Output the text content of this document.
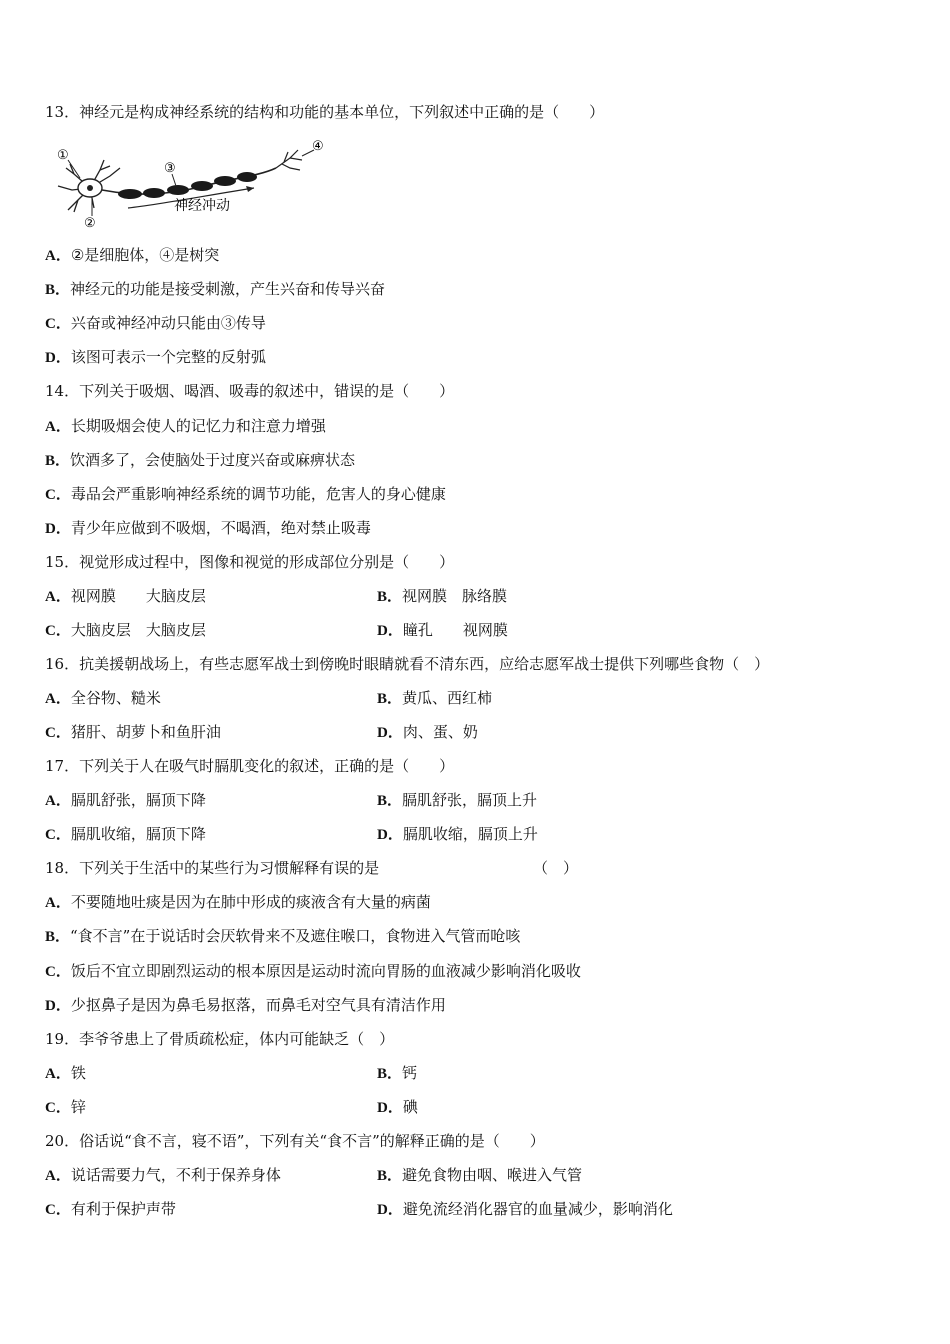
13．神经元是构成神经系统的结构和功能的基本单位，下列叙述中正确的是（　　）
①
②
③
④
神经冲动
A．②是细胞体，④是树突
B．神经元的功能是接受刺激，产生兴奋和传导兴奋
C．兴奋或神经冲动只能由③传导
D．该图可表示一个完整的反射弧
14．下列关于吸烟、喝酒、吸毒的叙述中，错误的是（　　）
A．长期吸烟会使人的记忆力和注意力增强
B．饮酒多了，会使脑处于过度兴奋或麻痹状态
C．毒品会严重影响神经系统的调节功能，危害人的身心健康
D．青少年应做到不吸烟，不喝酒，绝对禁止吸毒
15．视觉形成过程中，图像和视觉的形成部位分别是（　　）
A．视网膜　　大脑皮层	B．视网膜　脉络膜
C．大脑皮层　大脑皮层	D．瞳孔　　视网膜
16．抗美援朝战场上，有些志愿军战士到傍晚时眼睛就看不清东西，应给志愿军战士提供下列哪些食物（　）
A．全谷物、糙米	B．黄瓜、西红柿
C．猪肝、胡萝卜和鱼肝油	D．肉、蛋、奶
17．下列关于人在吸气时膈肌变化的叙述，正确的是（　　）
A．膈肌舒张，膈顶下降	B．膈肌舒张，膈顶上升
C．膈肌收缩，膈顶下降	D．膈肌收缩，膈顶上升
18．下列关于生活中的某些行为习惯解释有误的是	（　）
A．不要随地吐痰是因为在肺中形成的痰液含有大量的病菌
B．“食不言”在于说话时会厌软骨来不及遮住喉口，食物进入气管而呛咳
C．饭后不宜立即剧烈运动的根本原因是运动时流向胃肠的血液减少影响消化吸收
D．少抠鼻子是因为鼻毛易抠落，而鼻毛对空气具有清洁作用
19．李爷爷患上了骨质疏松症，体内可能缺乏（　）
A．铁	B．钙
C．锌	D．碘
20．俗话说“食不言，寝不语”，下列有关“食不言”的解释正确的是（　　）
A．说话需要力气，不利于保养身体	B．避免食物由咽、喉进入气管
C．有利于保护声带	D．避免流经消化器官的血量减少，影响消化
